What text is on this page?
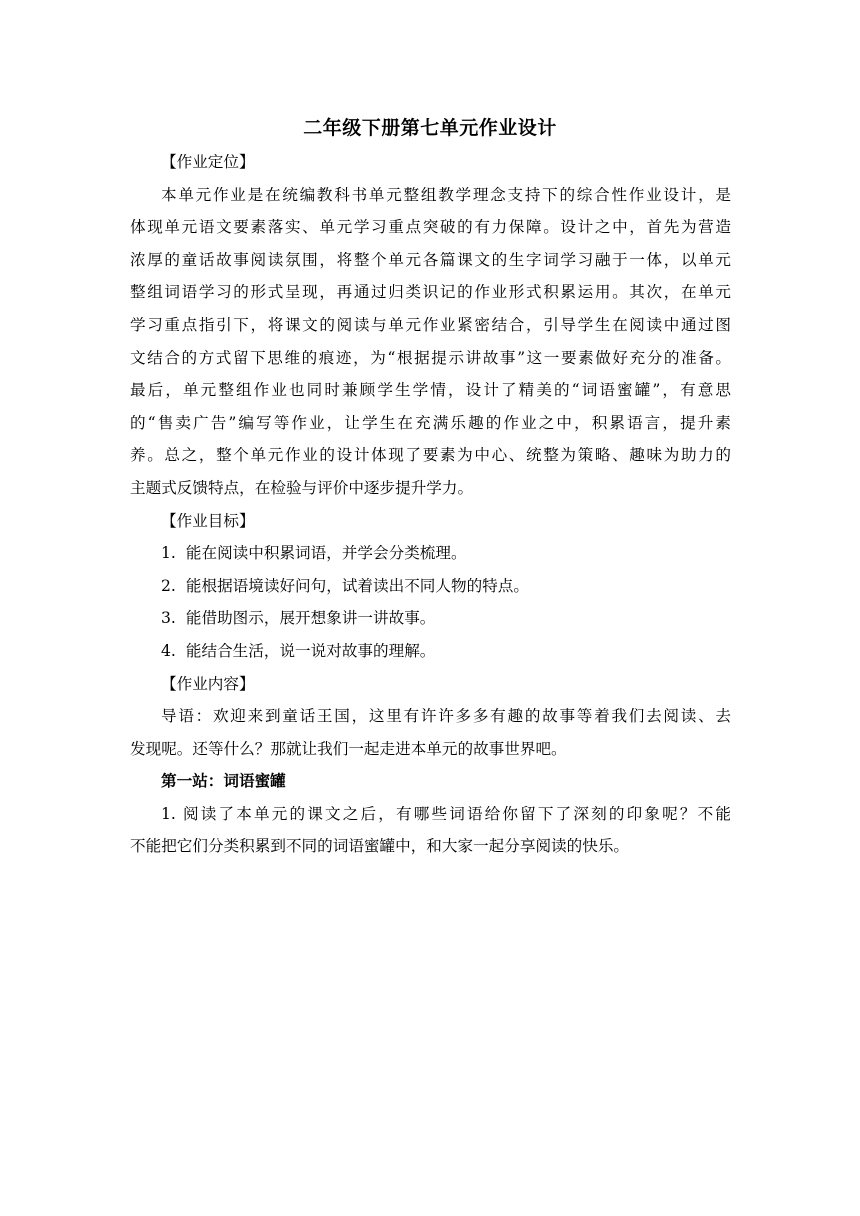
二年级下册第七单元作业设计
【作业定位】
本单元作业是在统编教科书单元整组教学理念支持下的综合性作业设计，是
体现单元语文要素落实、单元学习重点突破的有力保障。设计之中，首先为营造
浓厚的童话故事阅读氛围，将整个单元各篇课文的生字词学习融于一体，以单元
整组词语学习的形式呈现，再通过归类识记的作业形式积累运用。其次，在单元
学习重点指引下，将课文的阅读与单元作业紧密结合，引导学生在阅读中通过图
文结合的方式留下思维的痕迹，为“根据提示讲故事”这一要素做好充分的准备。
最后，单元整组作业也同时兼顾学生学情，设计了精美的“词语蜜罐”，有意思
的“售卖广告”编写等作业，让学生在充满乐趣的作业之中，积累语言，提升素
养。总之，整个单元作业的设计体现了要素为中心、统整为策略、趣味为助力的
主题式反馈特点，在检验与评价中逐步提升学力。
【作业目标】
1. 能在阅读中积累词语，并学会分类梳理。
2. 能根据语境读好问句，试着读出不同人物的特点。
3. 能借助图示，展开想象讲一讲故事。
4. 能结合生活，说一说对故事的理解。
【作业内容】
导语：欢迎来到童话王国，这里有许许多多有趣的故事等着我们去阅读、去
发现呢。还等什么？那就让我们一起走进本单元的故事世界吧。
第一站：词语蜜罐
1. 阅读了本单元的课文之后，有哪些词语给你留下了深刻的印象呢？不能
不能把它们分类积累到不同的词语蜜罐中，和大家一起分享阅读的快乐。
